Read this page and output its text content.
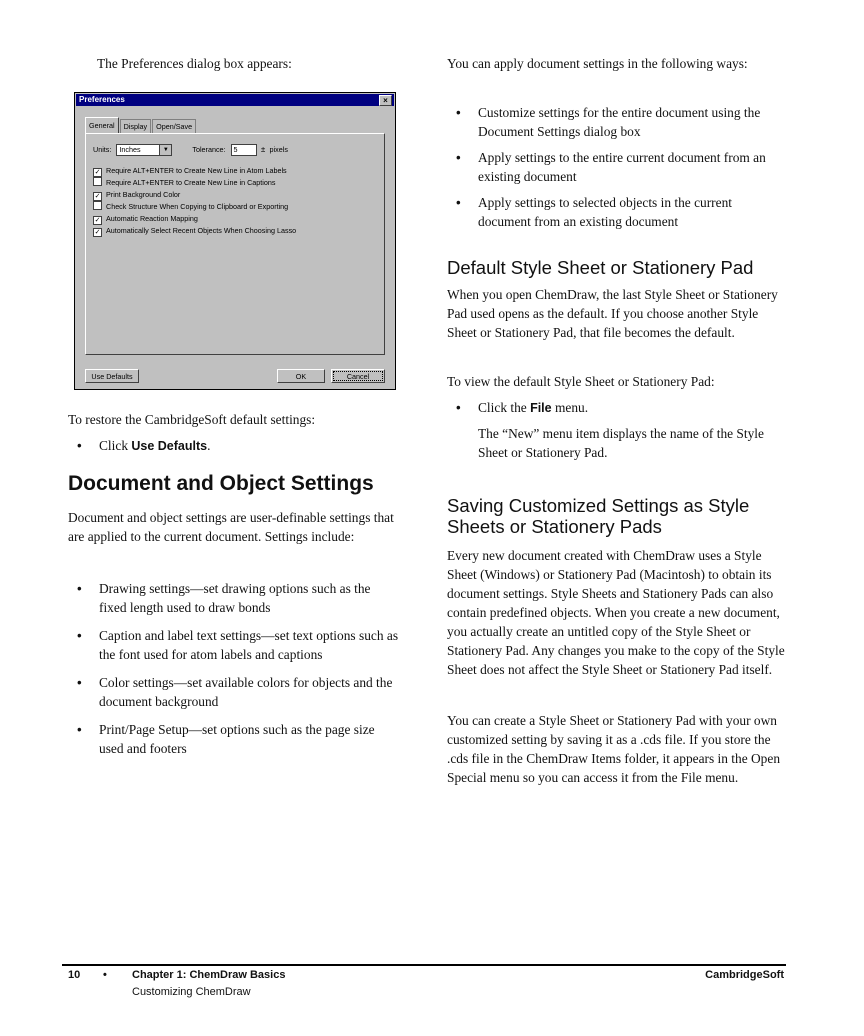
The Preferences dialog box appears:

Preferences	×
General	Display	Open/Save
Units: Inches	▼	Tolerance: 5	± pixels
✓ Require ALT+ENTER to Create New Line in Atom Labels
Require ALT+ENTER to Create New Line in Captions
✓ Print Background Color
Check Structure When Copying to Clipboard or Exporting
✓ Automatic Reaction Mapping
✓ Automatically Select Recent Objects When Choosing Lasso
Use Defaults	OK	Cancel

To restore the CambridgeSoft default settings:

• Click Use Defaults.
Document and Object Settings

Document and object settings are user-definable settings that are applied to the current document. Settings include:

• Drawing settings—set drawing options such as the fixed length used to draw bonds
• Caption and label text settings—set text options such as the font used for atom labels and captions
• Color settings—set available colors for objects and the document background
• Print/Page Setup—set options such as the page size used and footers

You can apply document settings in the following ways:

• Customize settings for the entire document using the Document Settings dialog box
• Apply settings to the entire current document from an existing document
• Apply settings to selected objects in the current document from an existing document
Default Style Sheet or Stationery Pad

When you open ChemDraw, the last Style Sheet or Stationery Pad used opens as the default. If you choose another Style Sheet or Stationery Pad, that file becomes the default.

To view the default Style Sheet or Stationery Pad:

• Click the File menu.

The “New” menu item displays the name of the Style Sheet or Stationery Pad.

Saving Customized Settings as Style Sheets or Stationery Pads

Every new document created with ChemDraw uses a Style Sheet (Windows) or Stationery Pad (Macintosh) to obtain its document settings. Style Sheets and Stationery Pads can also contain predefined objects. When you create a new document, you actually create an untitled copy of the Style Sheet or Stationery Pad. Any changes you make to the copy of the Style Sheet does not affect the Style Sheet or Stationery Pad itself.

You can create a Style Sheet or Stationery Pad with your own customized setting by saving it as a .cds file. If you store the .cds file in the ChemDraw Items folder, it appears in the Open Special menu so you can access it from the File menu.

10 • Chapter 1: ChemDraw Basics
Customizing ChemDraw
CambridgeSoft
